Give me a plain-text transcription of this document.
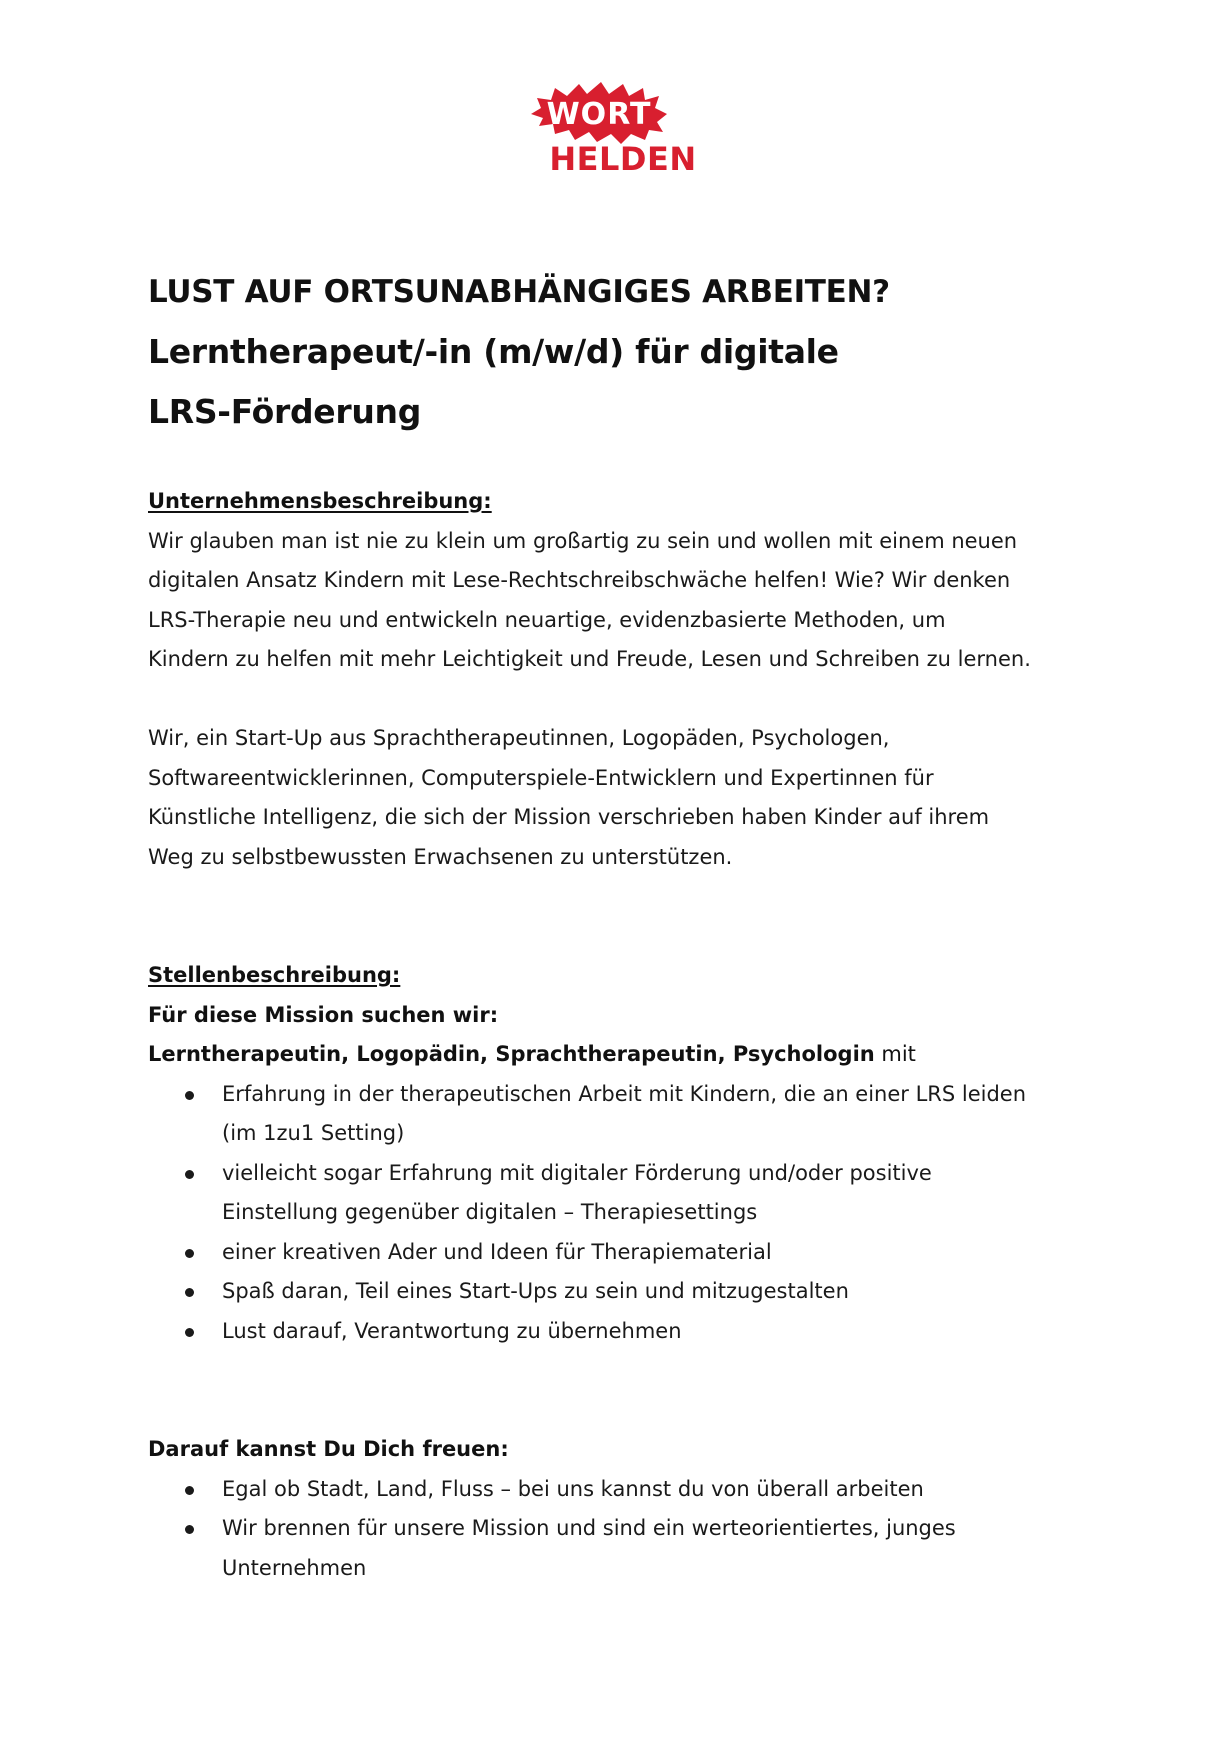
WORT
HELDEN

LUST AUF ORTSUNABHÄNGIGES ARBEITEN?

Lerntherapeut/-in (m/w/d) für digitale
LRS-Förderung
Unternehmensbeschreibung:

Wir glauben man ist nie zu klein um großartig zu sein und wollen mit einem neuen
digitalen Ansatz Kindern mit Lese-Rechtschreibschwäche helfen! Wie? Wir denken
LRS-Therapie neu und entwickeln neuartige, evidenzbasierte Methoden, um
Kindern zu helfen mit mehr Leichtigkeit und Freude, Lesen und Schreiben zu lernen.

Wir, ein Start-Up aus Sprachtherapeutinnen, Logopäden, Psychologen,
Softwareentwicklerinnen, Computerspiele-Entwicklern und Expertinnen für
Künstliche Intelligenz, die sich der Mission verschrieben haben Kinder auf ihrem
Weg zu selbstbewussten Erwachsenen zu unterstützen.

Stellenbeschreibung:

Für diese Mission suchen wir:

Lerntherapeutin, Logopädin, Sprachtherapeutin, Psychologin mit

Erfahrung in der therapeutischen Arbeit mit Kindern, die an einer LRS leiden
(im 1zu1 Setting)
vielleicht sogar Erfahrung mit digitaler Förderung und/oder positive
Einstellung gegenüber digitalen – Therapiesettings
einer kreativen Ader und Ideen für Therapiematerial
Spaß daran, Teil eines Start-Ups zu sein und mitzugestalten
Lust darauf, Verantwortung zu übernehmen

Darauf kannst Du Dich freuen:

Egal ob Stadt, Land, Fluss – bei uns kannst du von überall arbeiten
Wir brennen für unsere Mission und sind ein werteorientiertes, junges
Unternehmen
